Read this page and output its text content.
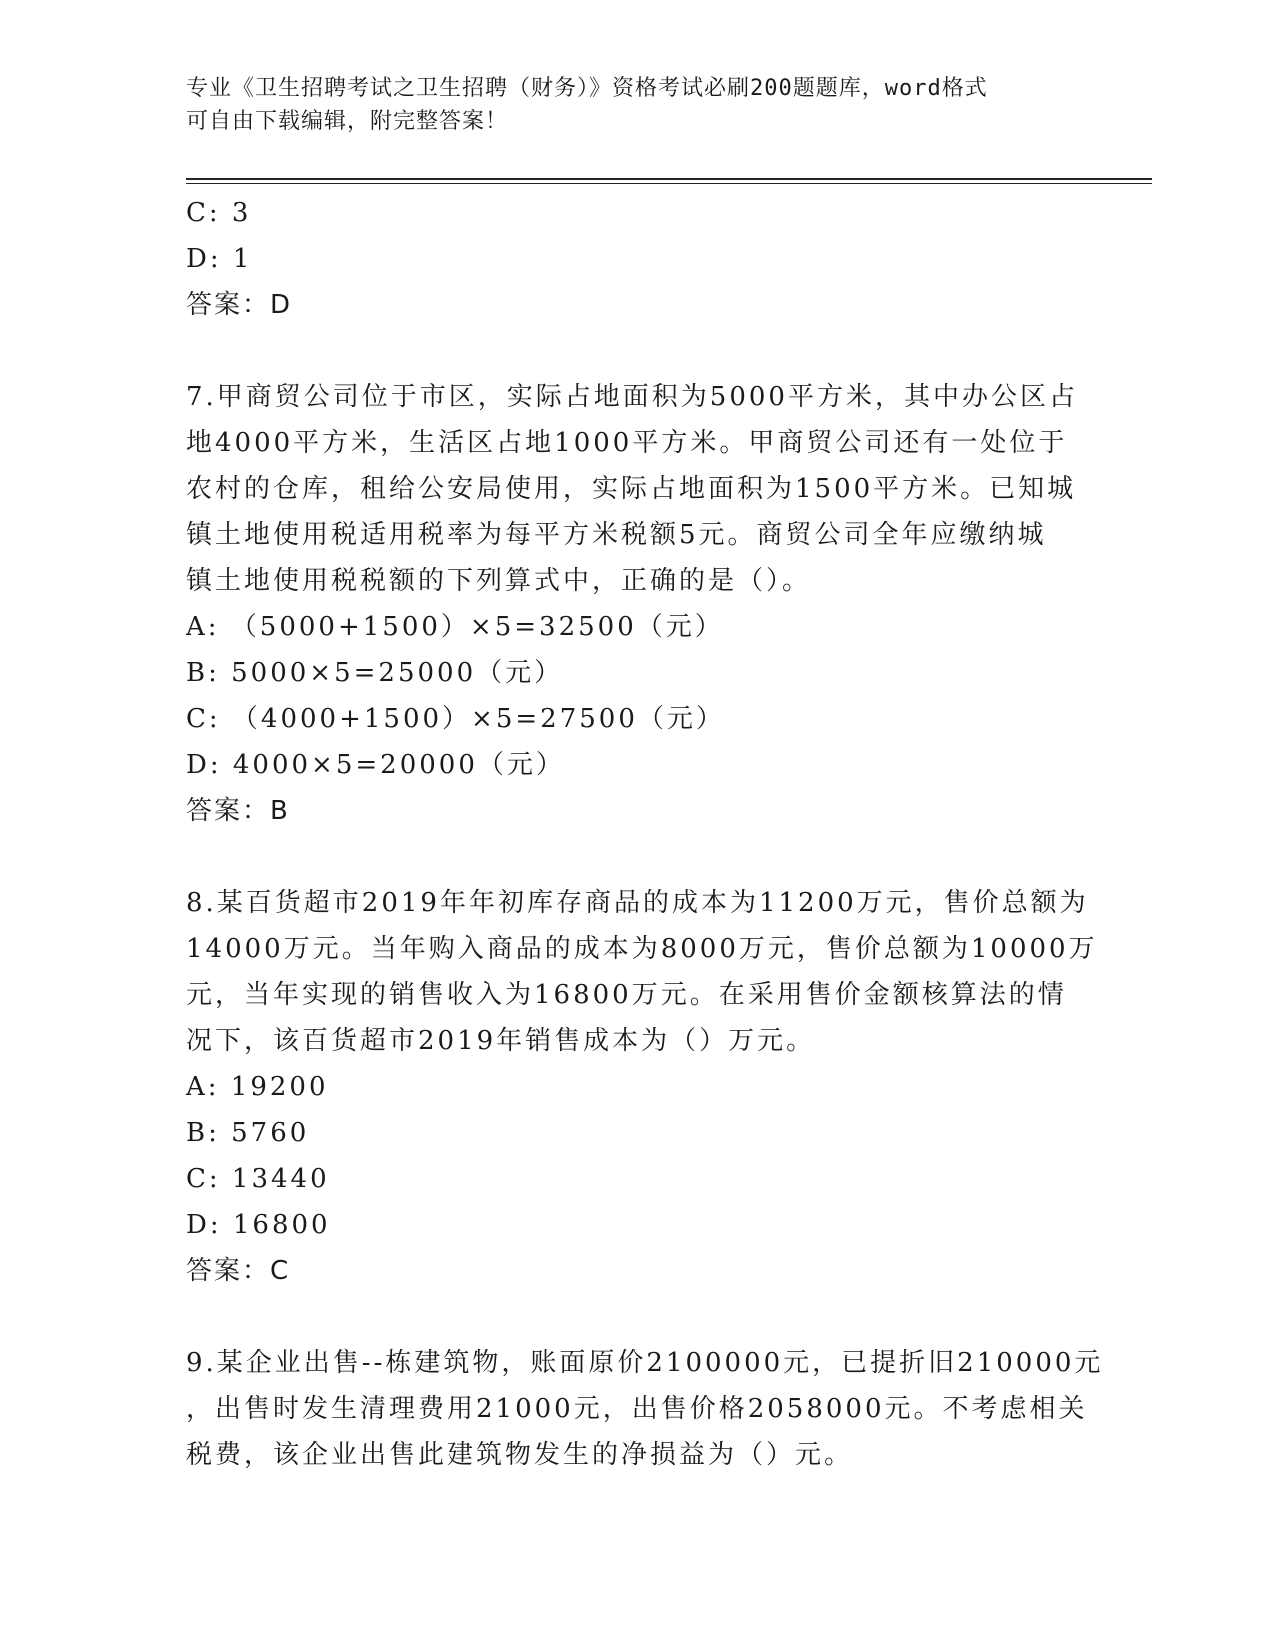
专业《卫生招聘考试之卫生招聘（财务）》资格考试必刷200题题库，word格式
可自由下载编辑，附完整答案！
C: 3
D: 1
答案：D
7.甲商贸公司位于市区，实际占地面积为5000平方米，其中办公区占
地4000平方米，生活区占地1000平方米。甲商贸公司还有一处位于
农村的仓库，租给公安局使用，实际占地面积为1500平方米。已知城
镇土地使用税适用税率为每平方米税额5元。商贸公司全年应缴纳城
镇土地使用税税额的下列算式中，正确的是（）。
A: （5000+1500）×5=32500（元）
B: 5000×5=25000（元）
C: （4000+1500）×5=27500（元）
D: 4000×5=20000（元）
答案：B
8.某百货超市2019年年初库存商品的成本为11200万元，售价总额为
14000万元。当年购入商品的成本为8000万元，售价总额为10000万
元，当年实现的销售收入为16800万元。在采用售价金额核算法的情
况下，该百货超市2019年销售成本为（）万元。
A: 19200
B: 5760
C: 13440
D: 16800
答案：C
9.某企业出售--栋建筑物，账面原价2100000元，已提折旧210000元
，出售时发生清理费用21000元，出售价格2058000元。不考虑相关
税费，该企业出售此建筑物发生的净损益为（）元。
